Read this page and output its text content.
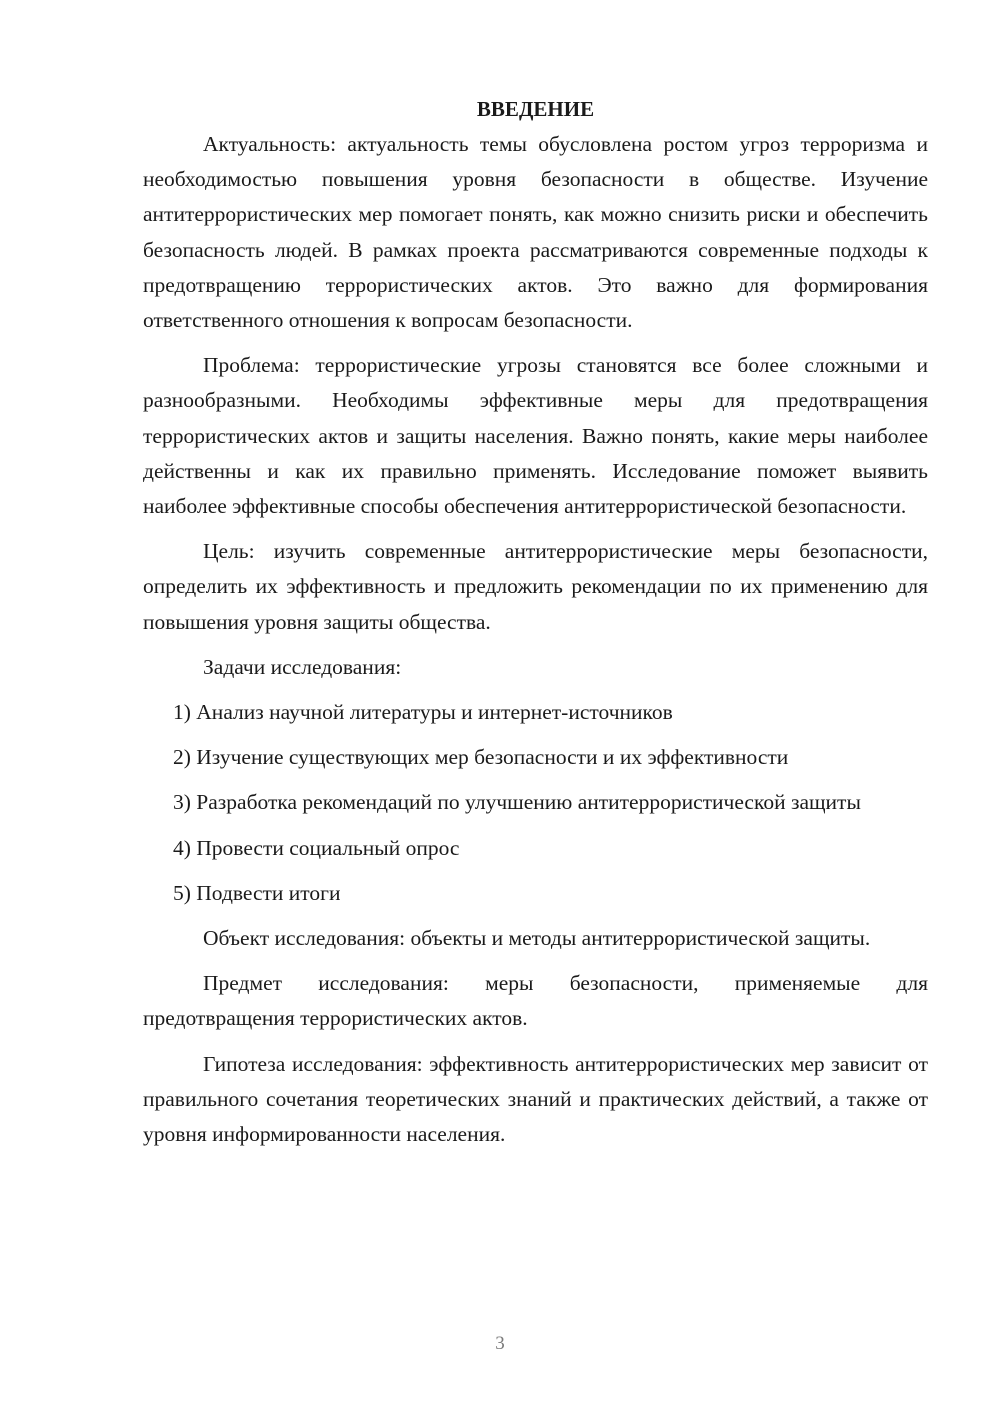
ВВЕДЕНИЕ

Актуальность: актуальность темы обусловлена ростом угроз терроризма и необходимостью повышения уровня безопасности в обществе. Изучение антитеррористических мер помогает понять, как можно снизить риски и обеспечить безопасность людей. В рамках проекта рассматриваются современные подходы к предотвращению террористических актов. Это важно для формирования ответственного отношения к вопросам безопасности.

Проблема: террористические угрозы становятся все более сложными и разнообразными. Необходимы эффективные меры для предотвращения террористических актов и защиты населения. Важно понять, какие меры наиболее действенны и как их правильно применять. Исследование поможет выявить наиболее эффективные способы обеспечения антитеррористической безопасности.

Цель: изучить современные антитеррористические меры безопасности, определить их эффективность и предложить рекомендации по их применению для повышения уровня защиты общества.

Задачи исследования:

1) Анализ научной литературы и интернет-источников

2) Изучение существующих мер безопасности и их эффективности

3) Разработка рекомендаций по улучшению антитеррористической защиты

4) Провести социальный опрос

5) Подвести итоги

Объект исследования: объекты и методы антитеррористической защиты.

Предмет исследования: меры безопасности, применяемые для предотвращения террористических актов.

Гипотеза исследования: эффективность антитеррористических мер зависит от правильного сочетания теоретических знаний и практических действий, а также от уровня информированности населения.

3
